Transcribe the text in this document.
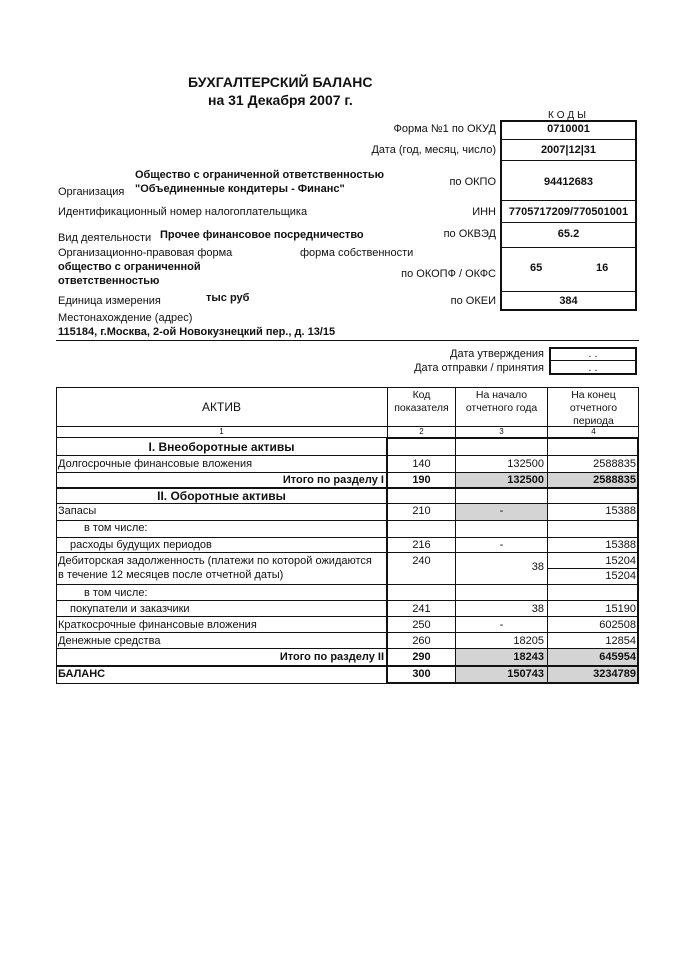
БУХГАЛТЕРСКИЙ БАЛАНС
на 31 Декабря 2007 г.
КОДЫ
Форма №1 по ОКУД	0710001
Дата (год, месяц, число)	2007|12|31
Общество с ограниченной ответственностью
Организация "Объединенные кондитеры - Финанс"
по ОКПО	94412683
Идентификационный номер налогоплательщика	ИНН	7705717209/770501001
Вид деятельности Прочее финансовое посредничество	по ОКВЭД	65.2
Организационно-правовая форма	форма собственности
общество с ограниченной
ответственностью
по ОКОПФ / ОКФС	65	16
Единица измерения	тыс руб	по ОКЕИ	384
Местонахождение (адрес)
115184, г.Москва, 2-ой Новокузнецкий пер., д. 13/15
Дата утверждения
Дата отправки / принятия
. .
. .
АКТИВ
Код
показателя
На начало
отчетного года
На конец
отчетного
периода
1	2	3	4
I. Внеоборотные активы
II. Оборотные активы
Долгосрочные финансовые вложения	140	132500	2588835
Итого по разделу I	190	132500	2588835
Запасы	210	-	15388
в том числе:
расходы будущих периодов	216	-	15388
Дебиторская задолженность (платежи по которой ожидаются
в течение 12 месяцев после отчетной даты)
240	38	15204
15204
в том числе:
покупатели и заказчики	241	38	15190
Краткосрочные финансовые вложения	250	-	602508
Денежные средства	260	18205	12854
Итого по разделу II	290	18243	645954
БАЛАНС	300	150743	3234789
